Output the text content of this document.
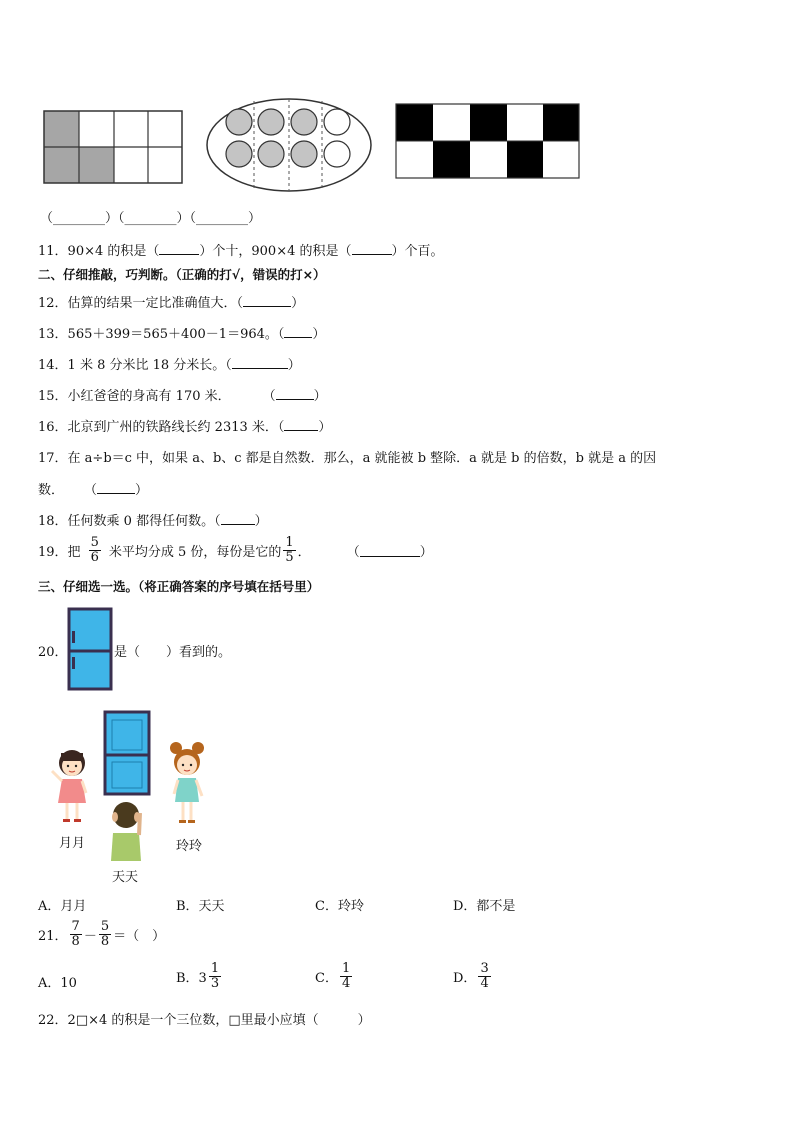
（________）（________）（________）
11．90×4 的积是（	）个十，900×4 的积是（	）个百。
二、仔细推敲，巧判断。（正确的打√，错误的打×）
12．估算的结果一定比准确值大．（	）
13．565＋399＝565＋400－1＝964。（ ）
14．1 米 8 分米比 18 分米长。（	）
15．小红爸爸的身高有 170 米． （	）
16．北京到广州的铁路线长约 2313 米．（	）
17．在 a÷b＝c 中，如果 a、b、c 都是自然数．那么，a 就能被 b 整除．a 就是 b 的倍数，b 就是 a 的因
数． （	）
18．任何数乘 0 都得任何数。（	）
19．把 $\frac{5}{6}$ 米平均分成 5 份，每份是它的 $\frac{1}{5}$ ．	（	）
三、仔细选一选。（将正确答案的序号填在括号里）
20．	是（　　）看到的。
月月
天天
玲玲
A．月月	B．天天	C．玲玲	D．都不是
21． $\frac{7}{8} - \frac{5}{8}$ ＝（　）
A．10	B．$3 \frac{1}{3}$	C． $\frac{1}{4}$	D． $\frac{3}{4}$
22．2□×4 的积是一个三位数，□里最小应填（　　　）
